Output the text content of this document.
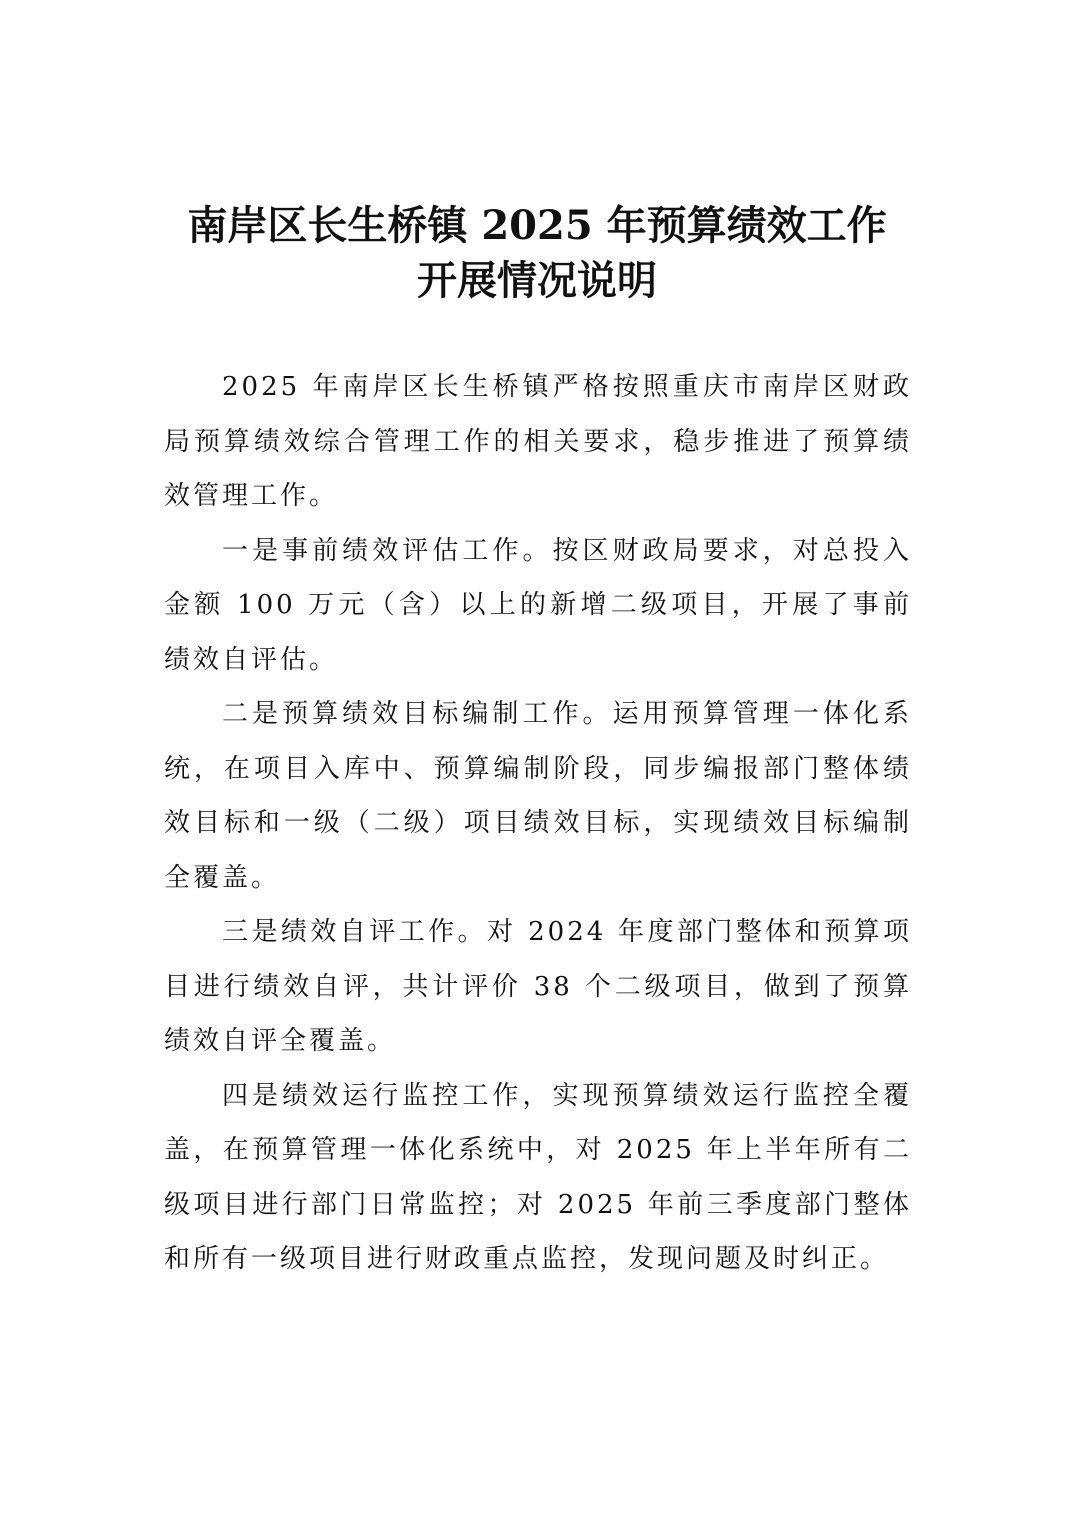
南岸区长生桥镇 2025 年预算绩效工作
开展情况说明

2025 年南岸区长生桥镇严格按照重庆市南岸区财政局预算绩效综合管理工作的相关要求，稳步推进了预算绩效管理工作。

一是事前绩效评估工作。按区财政局要求，对总投入金额 100 万元（含）以上的新增二级项目，开展了事前绩效自评估。

二是预算绩效目标编制工作。运用预算管理一体化系统，在项目入库中、预算编制阶段，同步编报部门整体绩效目标和一级（二级）项目绩效目标，实现绩效目标编制全覆盖。

三是绩效自评工作。对 2024 年度部门整体和预算项目进行绩效自评，共计评价 38 个二级项目，做到了预算绩效自评全覆盖。

四是绩效运行监控工作，实现预算绩效运行监控全覆盖，在预算管理一体化系统中，对 2025 年上半年所有二级项目进行部门日常监控；对 2025 年前三季度部门整体和所有一级项目进行财政重点监控，发现问题及时纠正。
